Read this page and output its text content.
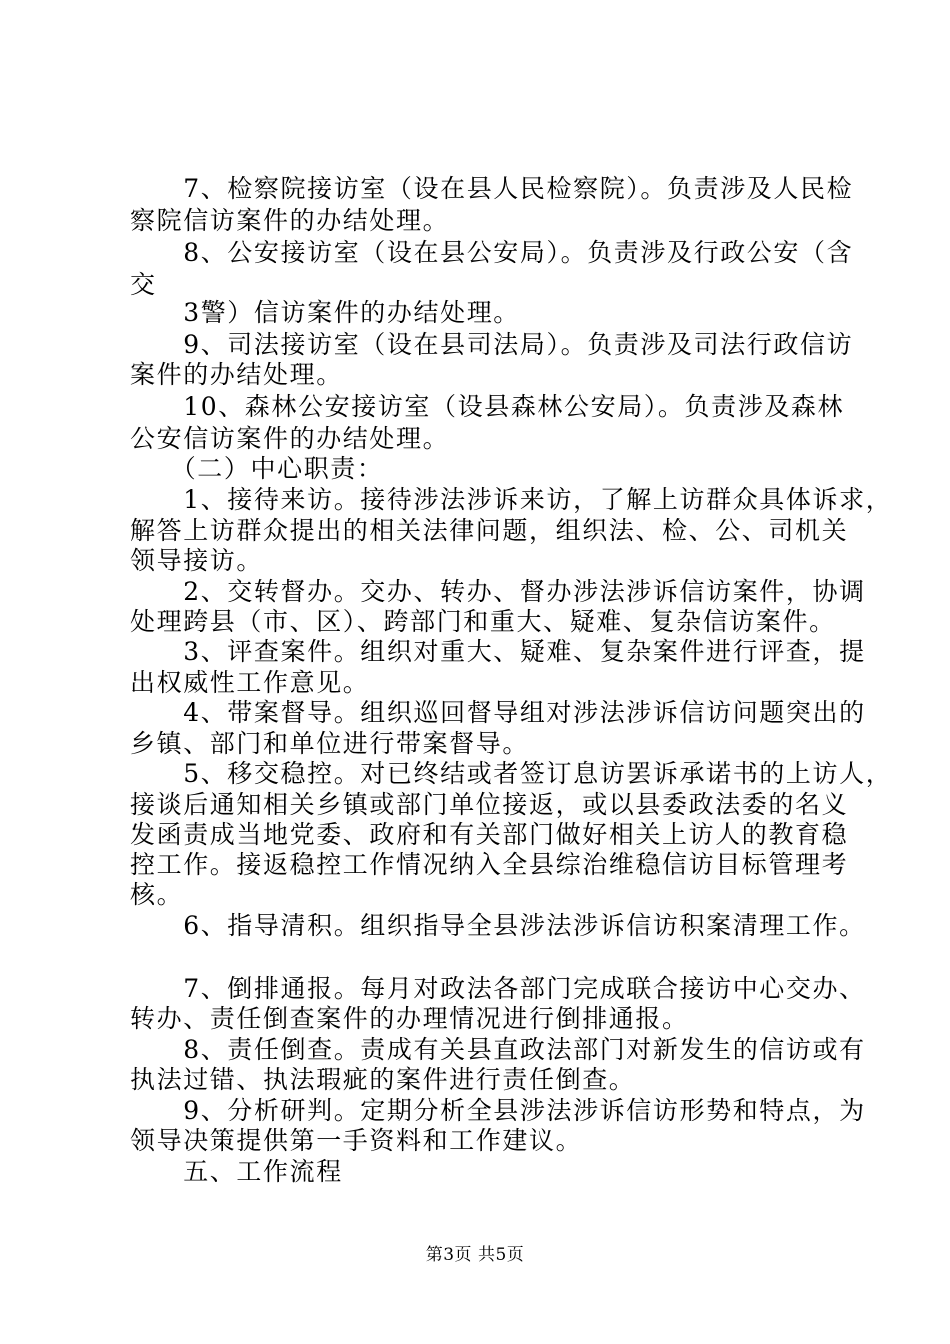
　　7、检察院接访室（设在县人民检察院）。负责涉及人民检
察院信访案件的办结处理。
　　8、公安接访室（设在县公安局）。负责涉及行政公安（含
交
　　3警）信访案件的办结处理。
　　9、司法接访室（设在县司法局）。负责涉及司法行政信访
案件的办结处理。
　　10、森林公安接访室（设县森林公安局）。负责涉及森林
公安信访案件的办结处理。
　　（二）中心职责：
　　1、接待来访。接待涉法涉诉来访，了解上访群众具体诉求，
解答上访群众提出的相关法律问题，组织法、检、公、司机关
领导接访。
　　2、交转督办。交办、转办、督办涉法涉诉信访案件，协调
处理跨县（市、区）、跨部门和重大、疑难、复杂信访案件。
　　3、评查案件。组织对重大、疑难、复杂案件进行评查，提
出权威性工作意见。
　　4、带案督导。组织巡回督导组对涉法涉诉信访问题突出的
乡镇、部门和单位进行带案督导。
　　5、移交稳控。对已终结或者签订息访罢诉承诺书的上访人，
接谈后通知相关乡镇或部门单位接返，或以县委政法委的名义
发函责成当地党委、政府和有关部门做好相关上访人的教育稳
控工作。接返稳控工作情况纳入全县综治维稳信访目标管理考
核。
　　6、指导清积。组织指导全县涉法涉诉信访积案清理工作。
　　7、倒排通报。每月对政法各部门完成联合接访中心交办、
转办、责任倒查案件的办理情况进行倒排通报。
　　8、责任倒查。责成有关县直政法部门对新发生的信访或有
执法过错、执法瑕疵的案件进行责任倒查。
　　9、分析研判。定期分析全县涉法涉诉信访形势和特点，为
领导决策提供第一手资料和工作建议。
　　五、工作流程
第3页 共5页
